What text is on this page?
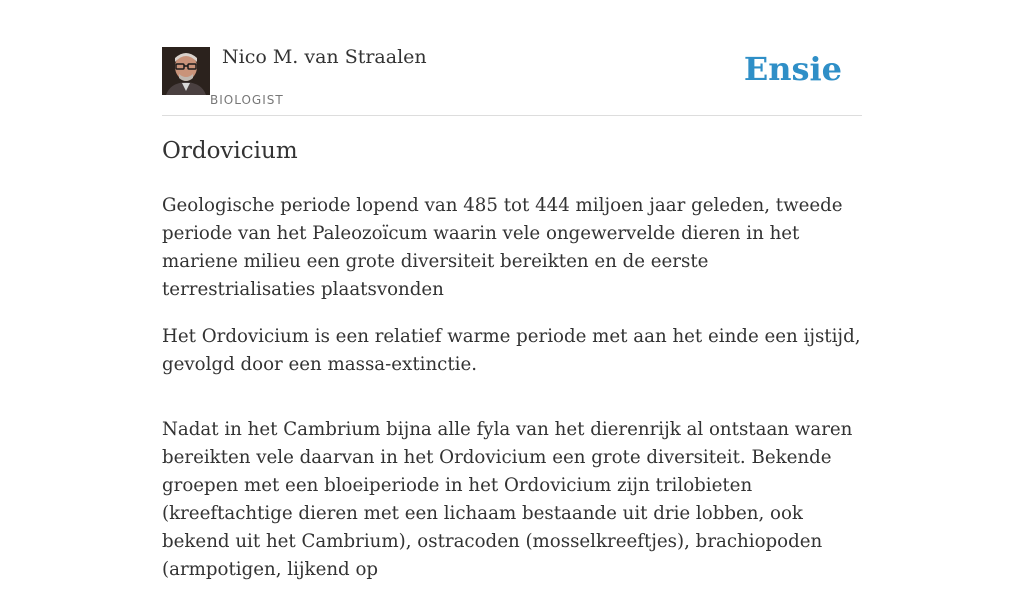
Nico M. van Straalen
BIOLOGIST
Ensie
Ordovicium

Geologische periode lopend van 485 tot 444 miljoen jaar geleden, tweede periode van het Paleozoïcum waarin vele ongewervelde dieren in het mariene milieu een grote diversiteit bereikten en de eerste terrestrialisaties plaatsvonden

Het Ordovicium is een relatief warme periode met aan het einde een ijstijd, gevolgd door een massa-extinctie.

Nadat in het Cambrium bijna alle fyla van het dierenrijk al ontstaan waren bereikten vele daarvan in het Ordovicium een grote diversiteit. Bekende groepen met een bloeiperiode in het Ordovicium zijn trilobieten (kreeftachtige dieren met een lichaam bestaande uit drie lobben, ook bekend uit het Cambrium), ostracoden (mosselkreeftjes), brachiopoden (armpotigen, lijkend op
